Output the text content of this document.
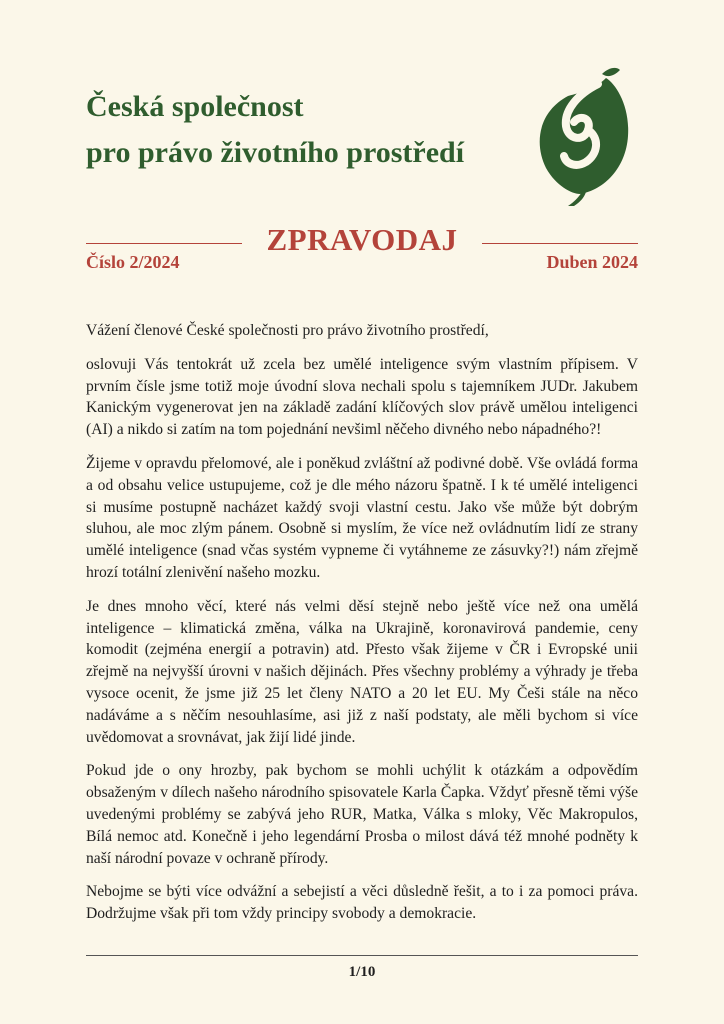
Česká společnost
pro právo životního prostředí
ZPRAVODAJ
Číslo 2/2024	Duben 2024

Vážení členové České společnosti pro právo životního prostředí,

oslovuji Vás tentokrát už zcela bez umělé inteligence svým vlastním přípisem. V prvním čísle jsme totiž moje úvodní slova nechali spolu s tajemníkem JUDr. Jakubem Kanickým vygenerovat jen na základě zadání klíčových slov právě umělou inteligenci (AI) a nikdo si zatím na tom pojednání nevšiml něčeho divného nebo nápadného?!

Žijeme v opravdu přelomové, ale i poněkud zvláštní až podivné době. Vše ovládá forma a od obsahu velice ustupujeme, což je dle mého názoru špatně. I k té umělé inteligenci si musíme postupně nacházet každý svoji vlastní cestu. Jako vše může být dobrým sluhou, ale moc zlým pánem. Osobně si myslím, že více než ovládnutím lidí ze strany umělé inteligence (snad včas systém vypneme či vytáhneme ze zásuvky?!) nám zřejmě hrozí totální zlenivění našeho mozku.

Je dnes mnoho věcí, které nás velmi děsí stejně nebo ještě více než ona umělá inteligence – klimatická změna, válka na Ukrajině, koronavirová pandemie, ceny komodit (zejména energií a potravin) atd. Přesto však žijeme v ČR i Evropské unii zřejmě na nejvyšší úrovni v našich dějinách. Přes všechny problémy a výhrady je třeba vysoce ocenit, že jsme již 25 let členy NATO a 20 let EU. My Češi stále na něco nadáváme a s něčím nesouhlasíme, asi již z naší podstaty, ale měli bychom si více uvědomovat a srovnávat, jak žijí lidé jinde.

Pokud jde o ony hrozby, pak bychom se mohli uchýlit k otázkám a odpovědím obsaženým v dílech našeho národního spisovatele Karla Čapka. Vždyť přesně těmi výše uvedenými problémy se zabývá jeho RUR, Matka, Válka s mloky, Věc Makropulos, Bílá nemoc atd. Konečně i jeho legendární Prosba o milost dává též mnohé podněty k naší národní povaze v ochraně přírody.

Nebojme se býti více odvážní a sebejistí a věci důsledně řešit, a to i za pomoci práva. Dodržujme však při tom vždy principy svobody a demokracie.

1/10
